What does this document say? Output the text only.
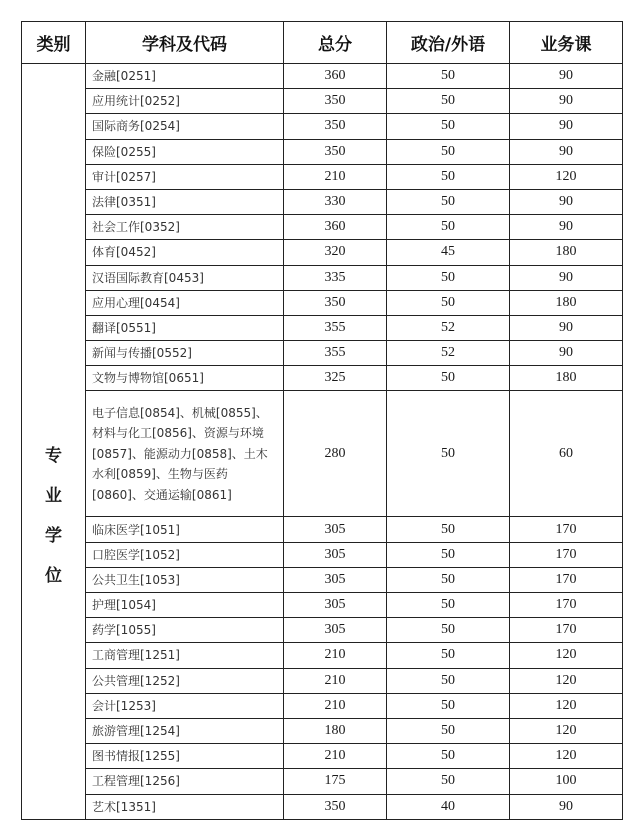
类别	学科及代码	总分	政治/外语	业务课

专
业
学
位	金融[0251]	360	50	90
	应用统计[0252]	350	50	90
	国际商务[0254]	350	50	90
	保险[0255]	350	50	90
	审计[0257]	210	50	120
	法律[0351]	330	50	90
	社会工作[0352]	360	50	90
	体育[0452]	320	45	180
	汉语国际教育[0453]	335	50	90
	应用心理[0454]	350	50	180
	翻译[0551]	355	52	90
	新闻与传播[0552]	355	52	90
	文物与博物馆[0651]	325	50	180
	电子信息[0854]、机械[0855]、材料与化工[0856]、资源与环境[0857]、能源动力[0858]、土木水利[0859]、生物与医药[0860]、交通运输[0861]	280	50	60
	临床医学[1051]	305	50	170
	口腔医学[1052]	305	50	170
	公共卫生[1053]	305	50	170
	护理[1054]	305	50	170
	药学[1055]	305	50	170
	工商管理[1251]	210	50	120
	公共管理[1252]	210	50	120
	会计[1253]	210	50	120
	旅游管理[1254]	180	50	120
	图书情报[1255]	210	50	120
	工程管理[1256]	175	50	100
	艺术[1351]	350	40	90
